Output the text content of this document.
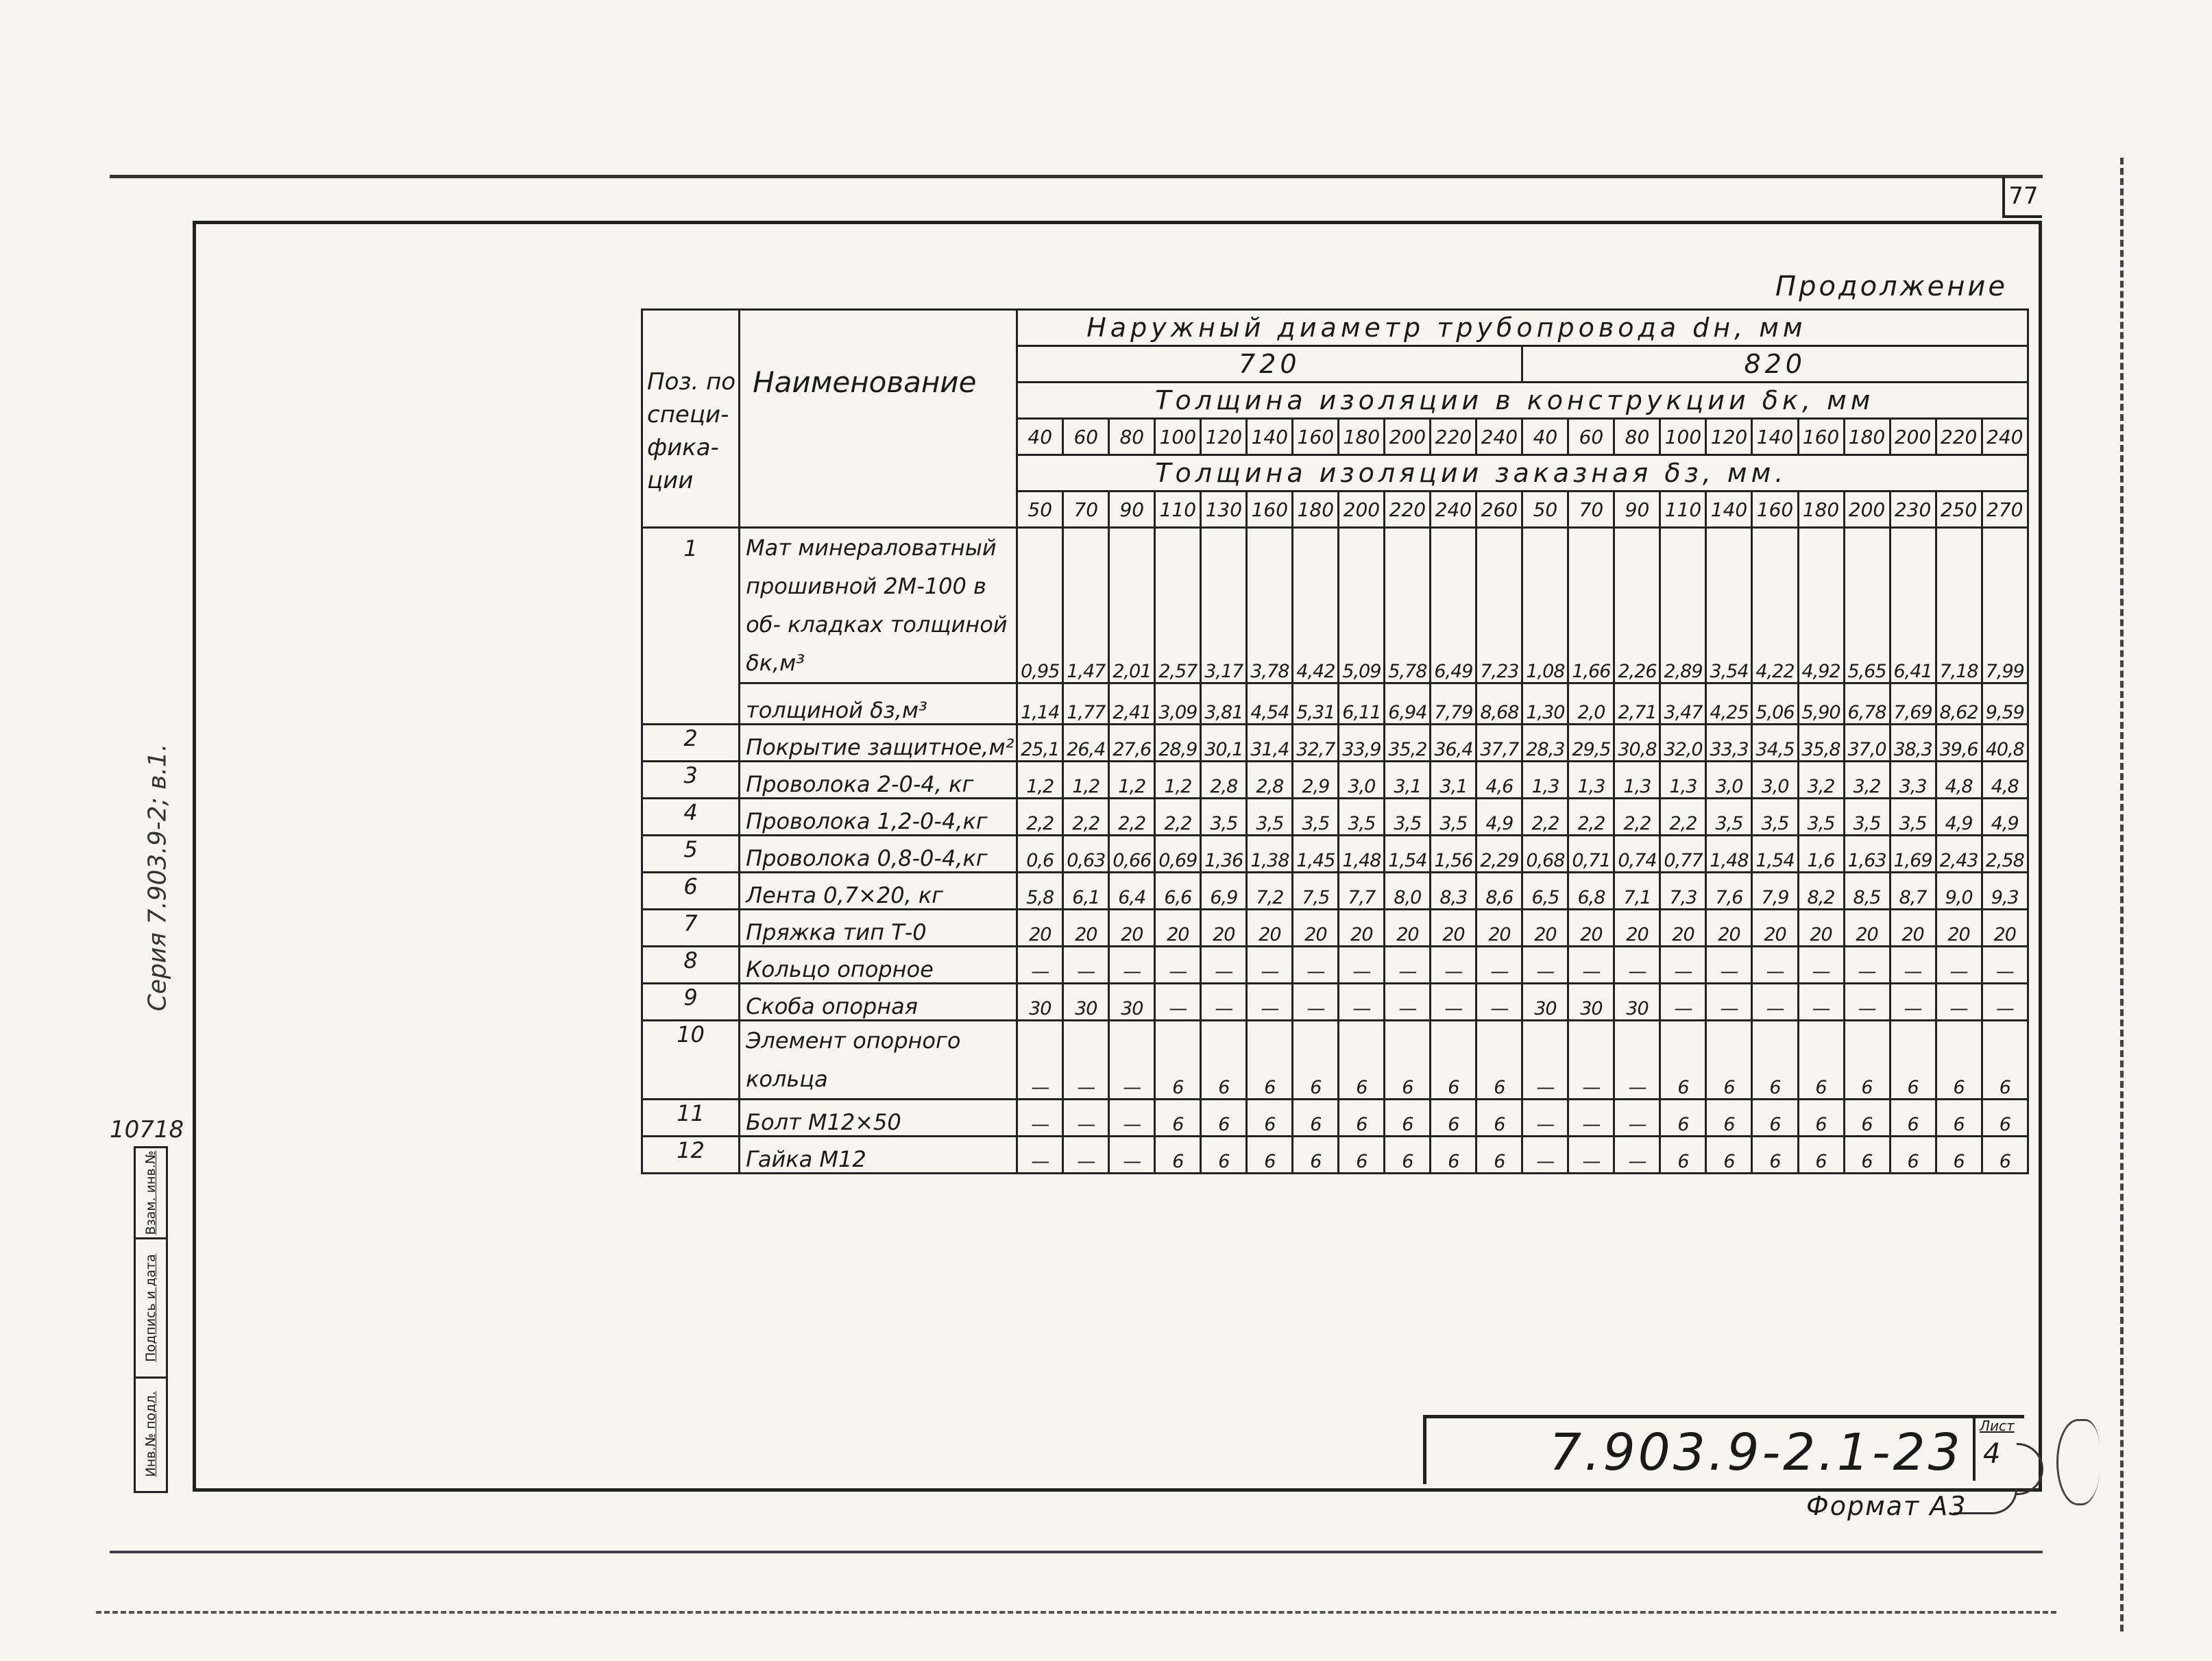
77
Продолжение
Поз. по специ- фика- ции	Наименование	Наружный диаметр трубопровода dн, мм																					
		720											820										
		Толщина изоляции в конструкции δк, мм																					
		40	60	80	100	120	140	160	180	200	220	240	40	60	80	100	120	140	160	180	200	220	240
		Толщина изоляции заказная δз, мм.																					
		50	70	90	110	130	160	180	200	220	240	260	50	70	90	110	140	160	180	200	230	250	270
1	Мат минераловатный прошивной 2М-100 в об- кладках толщиной δк,м³	0,95	1,47	2,01	2,57	3,17	3,78	4,42	5,09	5,78	6,49	7,23	1,08	1,66	2,26	2,89	3,54	4,22	4,92	5,65	6,41	7,18	7,99
	толщиной δз,м³	1,14	1,77	2,41	3,09	3,81	4,54	5,31	6,11	6,94	7,79	8,68	1,30	2,0	2,71	3,47	4,25	5,06	5,90	6,78	7,69	8,62	9,59
2	Покрытие защитное,м²	25,1	26,4	27,6	28,9	30,1	31,4	32,7	33,9	35,2	36,4	37,7	28,3	29,5	30,8	32,0	33,3	34,5	35,8	37,0	38,3	39,6	40,8
3	Проволока 2-0-4, кг	1,2	1,2	1,2	1,2	2,8	2,8	2,9	3,0	3,1	3,1	4,6	1,3	1,3	1,3	1,3	3,0	3,0	3,2	3,2	3,3	4,8	4,8
4	Проволока 1,2-0-4,кг	2,2	2,2	2,2	2,2	3,5	3,5	3,5	3,5	3,5	3,5	4,9	2,2	2,2	2,2	2,2	3,5	3,5	3,5	3,5	3,5	4,9	4,9
5	Проволока 0,8-0-4,кг	0,6	0,63	0,66	0,69	1,36	1,38	1,45	1,48	1,54	1,56	2,29	0,68	0,71	0,74	0,77	1,48	1,54	1,6	1,63	1,69	2,43	2,58
6	Лента 0,7×20, кг	5,8	6,1	6,4	6,6	6,9	7,2	7,5	7,7	8,0	8,3	8,6	6,5	6,8	7,1	7,3	7,6	7,9	8,2	8,5	8,7	9,0	9,3
7	Пряжка тип Т-0	20	20	20	20	20	20	20	20	20	20	20	20	20	20	20	20	20	20	20	20	20	20
8	Кольцо опорное	—	—	—	—	—	—	—	—	—	—	—	—	—	—	—	—	—	—	—	—	—	—
9	Скоба опорная	30	30	30	—	—	—	—	—	—	—	—	30	30	30	—	—	—	—	—	—	—	—
10	Элемент опорного кольца	—	—	—	6	6	6	6	6	6	6	6	—	—	—	6	6	6	6	6	6	6	6
11	Болт М12×50	—	—	—	6	6	6	6	6	6	6	6	—	—	—	6	6	6	6	6	6	6	6
12	Гайка М12	—	—	—	6	6	6	6	6	6	6	6	—	—	—	6	6	6	6	6	6	6	6
7.903.9-2.1-23 Лист
4
Формат А3
Серия 7.903.9-2; в.1.
10718
Взам. инв.№
Подпись и дата
Инв.№ подл.
